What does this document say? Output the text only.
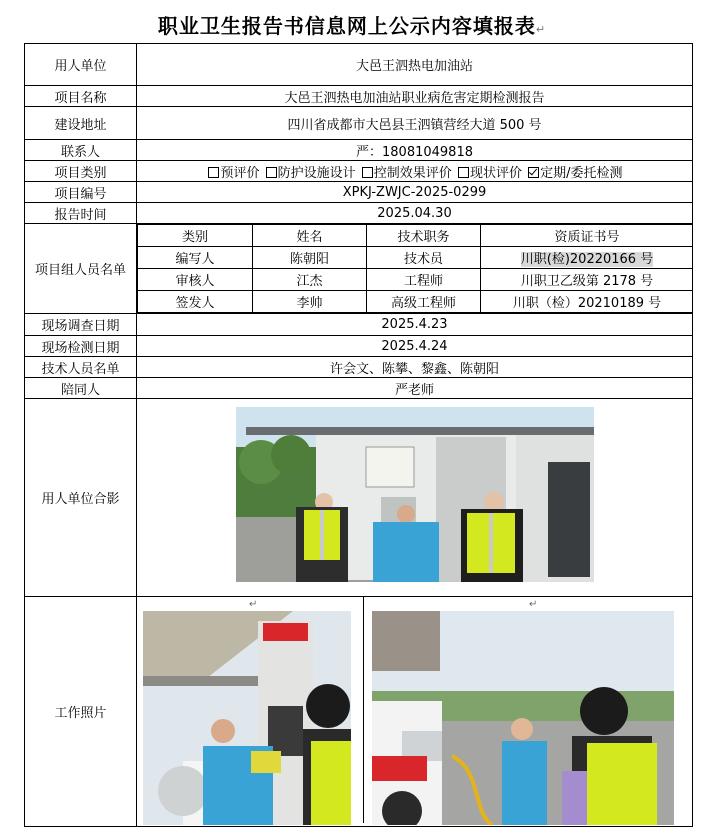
职业卫生报告书信息网上公示内容填报表↵
用人单位	大邑王泗热电加油站
项目名称	大邑王泗热电加油站职业病危害定期检测报告
建设地址	四川省成都市大邑县王泗镇营经大道 500 号
联系人	严：18081049818
项目类别	预评价 防护设施设计 控制效果评价 现状评价 定期/委托检测
项目编号	XPKJ-ZWJC-2025-0299
报告时间	2025.04.30
项目组人员名单	
类别	姓名	技术职务	资质证书号
编写人	陈朝阳	技术员	川职(检)20220166 号
审核人	江杰	工程师	川职卫乙级第 2178 号
签发人	李帅	高级工程师	川职（检）20210189 号

现场调查日期	2025.4.23
现场检测日期	2025.4.24
技术人员名单	许会文、陈攀、黎鑫、陈朝阳
陪同人	严老师
用人单位合影	

工作照片	
↵	↵
